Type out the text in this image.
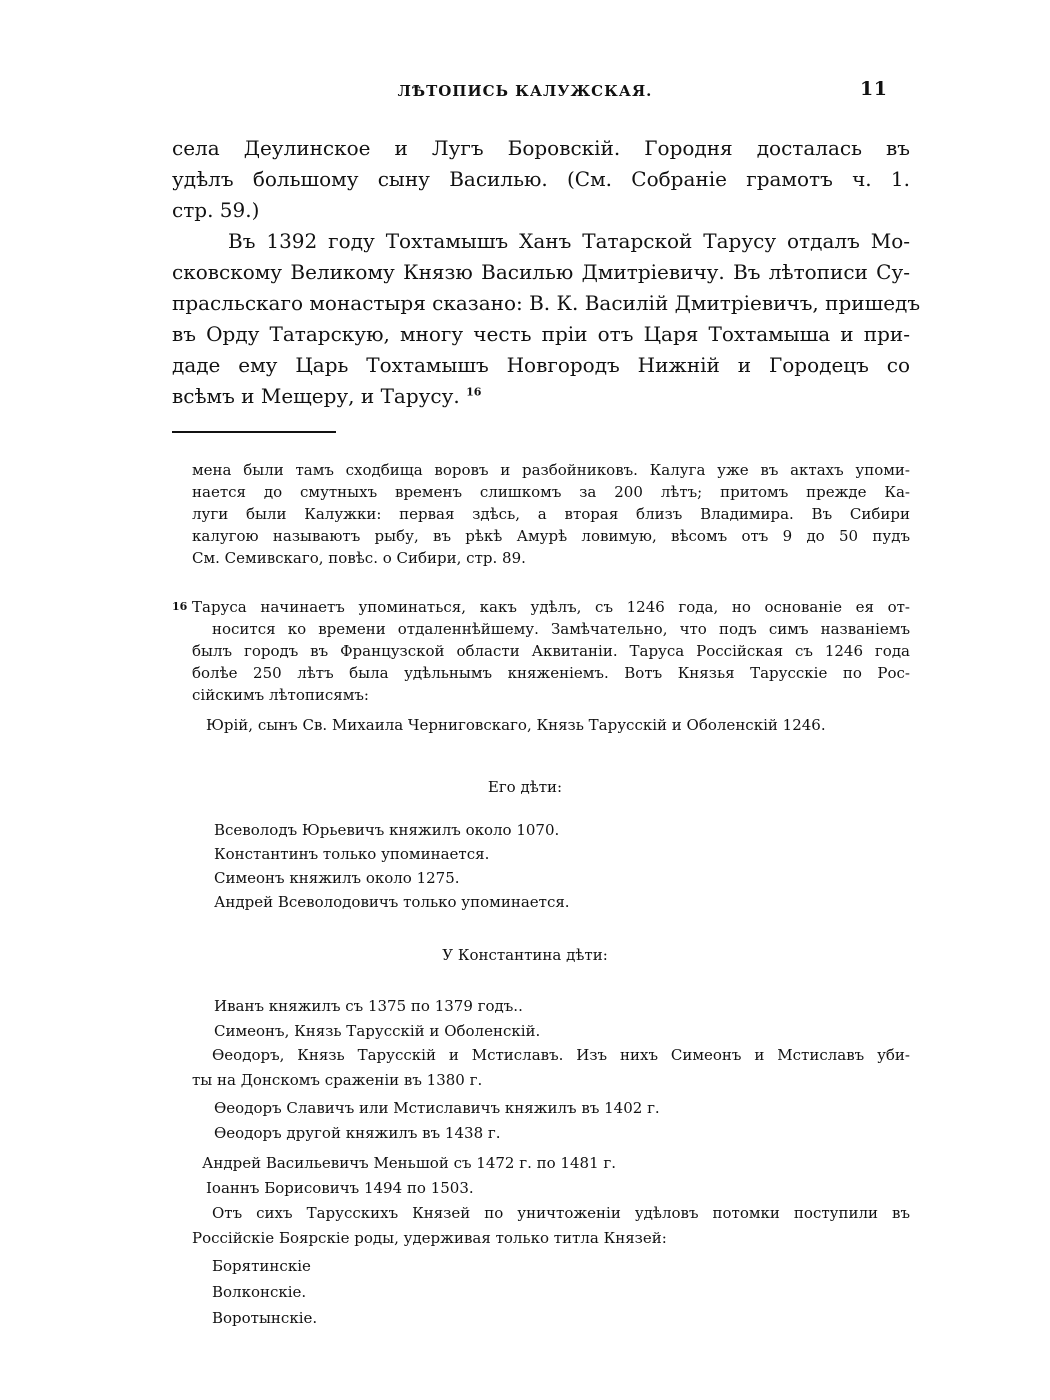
ЛѢТОПИСЬ КАЛУЖСКАЯ.	11
села Деулинское и Лугъ Боровскій. Городня досталась въ
удѣлъ большому сыну Василью. (См. Собраніе грамотъ ч. 1.
стр. 59.)
Въ 1392 году Тохтамышъ Ханъ Татарской Тарусу отдалъ Мо-
сковскому Великому Князю Василью Дмитріевичу. Въ лѣтописи Су-
прасльскаго монастыря сказано: В. К. Василій Дмитріевичъ, пришедъ
въ Орду Татарскую, многу честь пріи отъ Царя Тохтамыша и при-
даде ему Царь Тохтамышъ Новгородъ Нижній и Городецъ со
всѣмъ и Мещеру, и Тарусу. $^{16}$
мена были тамъ сходбища воровъ и разбойниковъ. Калуга уже въ актахъ упоми-
нается до смутныхъ временъ слишкомъ за 200 лѣтъ; притомъ прежде Ка-
луги были Калужки: первая здѣсь, а вторая близъ Владимира. Въ Сибири
калугою называютъ рыбу, въ рѣкѣ Амурѣ ловимую, вѣсомъ отъ 9 до 50 пудъ
См. Семивскаго, повѣс. о Сибири, стр. 89.
16 Таруса начинаетъ упоминаться, какъ удѣлъ, съ 1246 года, но основаніе ея от-
носится ко времени отдаленнѣйшему. Замѣчательно, что подъ симъ названіемъ
былъ городъ въ Французской области Аквитаніи. Таруса Россійская съ 1246 года
болѣе 250 лѣтъ была удѣльнымъ княженіемъ. Вотъ Князья Тарусскіе по Рос-
сійскимъ лѣтописямъ:
Юрій, сынъ Св. Михаила Черниговскаго, Князь Тарусскій и Оболенскій 1246.
Его дѣти:
Всеволодъ Юрьевичъ княжилъ около 1070.
Константинъ только упоминается.
Симеонъ княжилъ около 1275.
Андрей Всеволодовичъ только упоминается.
У Константина дѣти:
Иванъ княжилъ съ 1375 по 1379 годъ..
Симеонъ, Князь Тарусскій и Оболенскій.
Ѳеодоръ, Князь Тарусскій и Мстиславъ. Изъ нихъ Симеонъ и Мстиславъ уби-
ты на Донскомъ сраженіи въ 1380 г.
Ѳеодоръ Славичъ или Мстиславичъ княжилъ въ 1402 г.
Ѳеодоръ другой княжилъ въ 1438 г.
Андрей Васильевичъ Меньшой съ 1472 г. по 1481 г.
Іоаннъ Борисовичъ 1494 по 1503.
Отъ сихъ Тарусскихъ Князей по уничтоженіи удѣловъ потомки поступили въ
Россійскіе Боярскіе роды, удерживая только титла Князей:
Борятинскіе
Волконскіе.
Воротынскіе.
